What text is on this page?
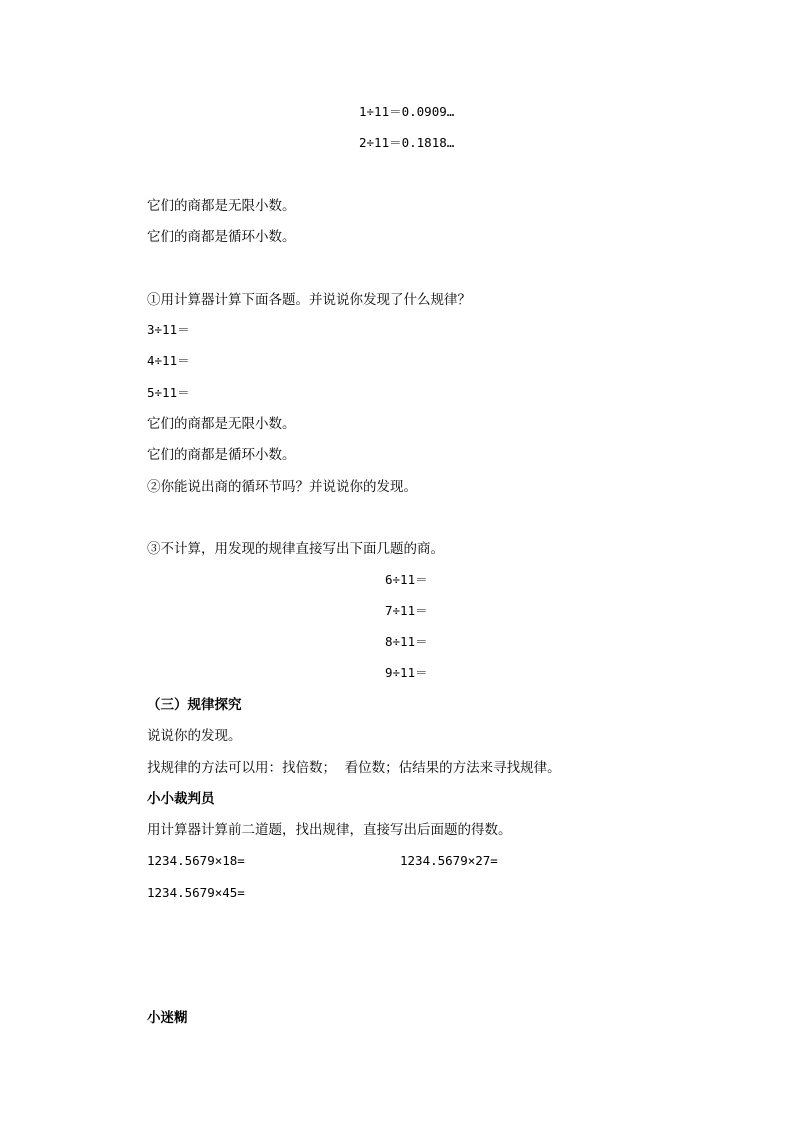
1÷11＝0.0909…
2÷11＝0.1818…
它们的商都是无限小数。
它们的商都是循环小数。
①用计算器计算下面各题。并说说你发现了什么规律？
3÷11＝
4÷11＝
5÷11＝
它们的商都是无限小数。
它们的商都是循环小数。
②你能说出商的循环节吗？并说说你的发现。
③不计算，用发现的规律直接写出下面几题的商。
6÷11＝
7÷11＝
8÷11＝
9÷11＝
（三）规律探究
说说你的发现。
找规律的方法可以用：找倍数；  看位数；估结果的方法来寻找规律。
小小裁判员
用计算器计算前二道题，找出规律，直接写出后面题的得数。
1234.5679×18=	1234.5679×27=
1234.5679×45=
小迷糊
